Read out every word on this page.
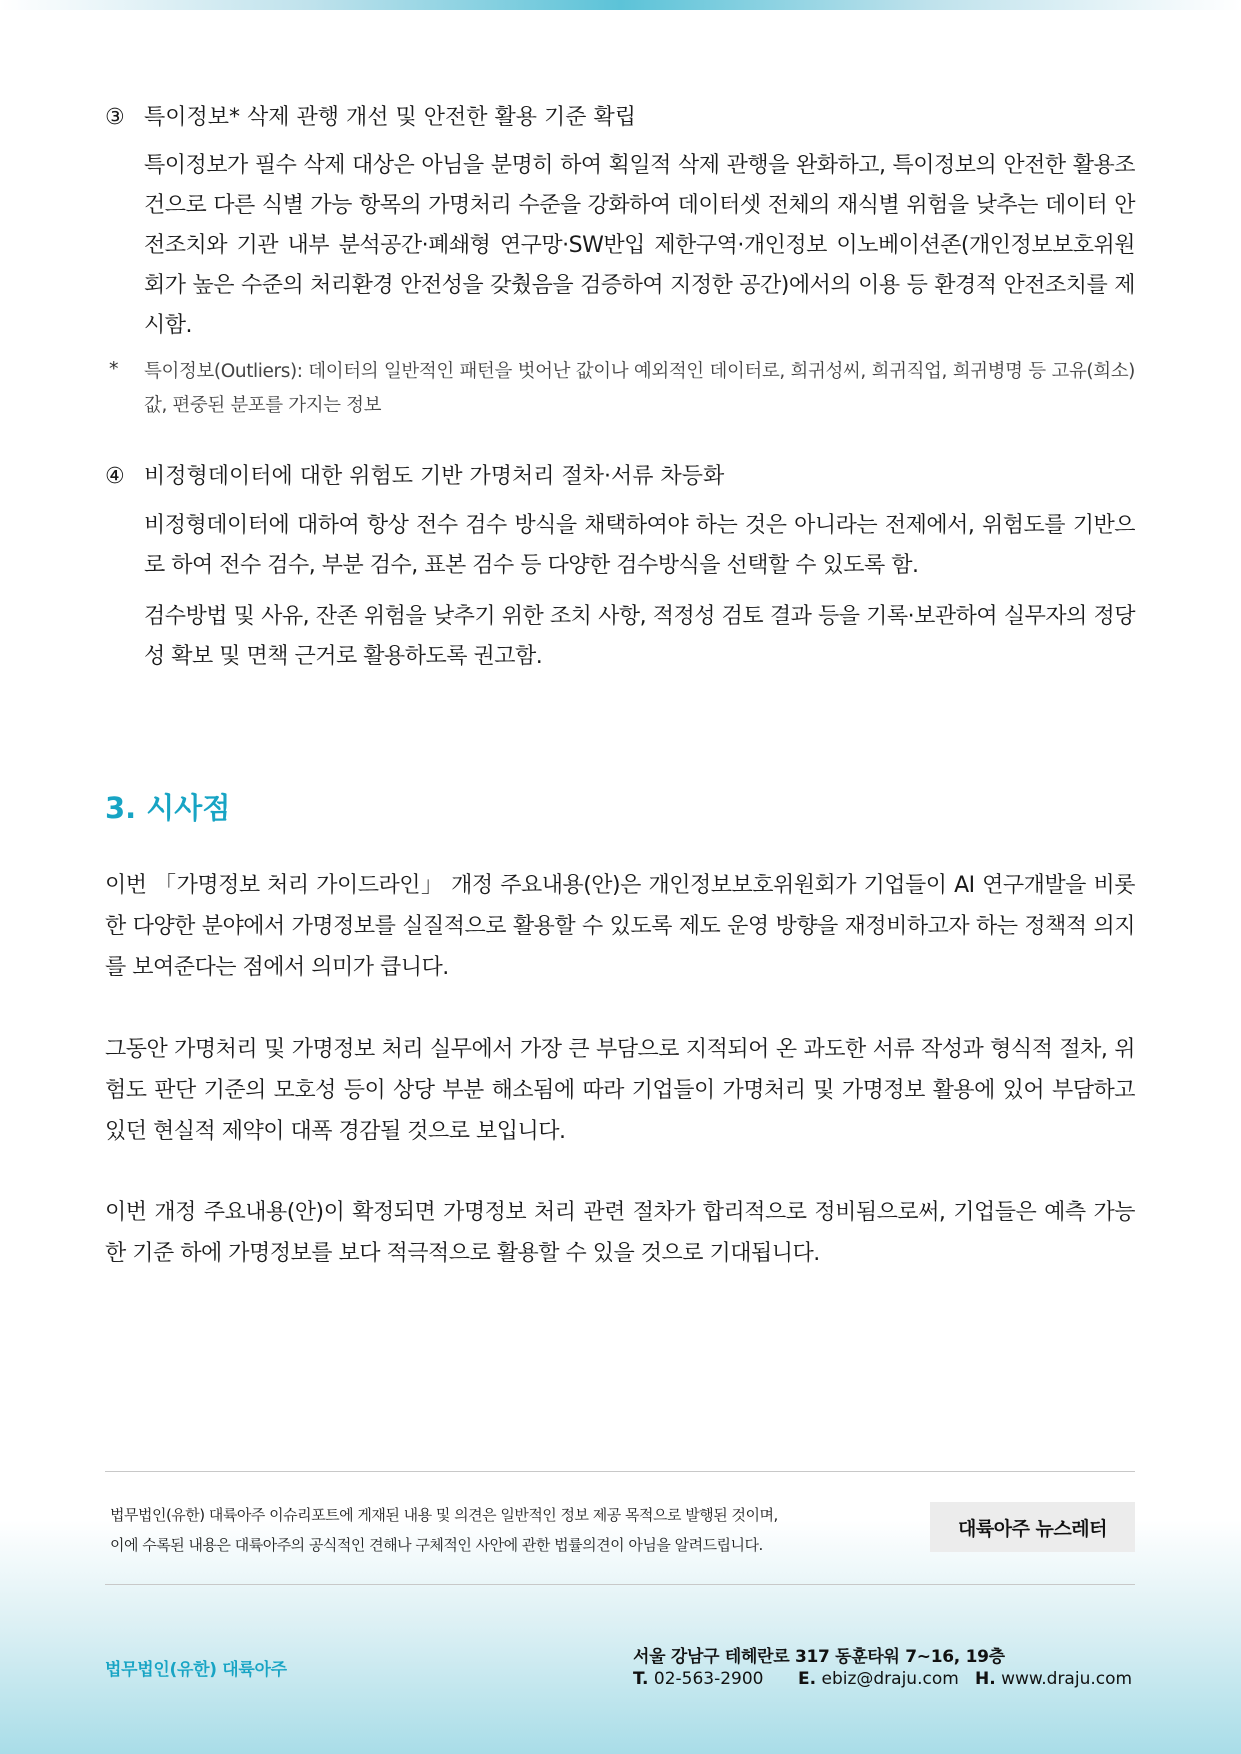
③ 특이정보* 삭제 관행 개선 및 안전한 활용 기준 확립

특이정보가 필수 삭제 대상은 아님을 분명히 하여 획일적 삭제 관행을 완화하고, 특이정보의 안전한 활용조건으로 다른 식별 가능 항목의 가명처리 수준을 강화하여 데이터셋 전체의 재식별 위험을 낮추는 데이터 안전조치와 기관 내부 분석공간·폐쇄형 연구망·SW반입 제한구역·개인정보 이노베이션존(개인정보보호위원회가 높은 수준의 처리환경 안전성을 갖췄음을 검증하여 지정한 공간)에서의 이용 등 환경적 안전조치를 제시함.

* 특이정보(Outliers): 데이터의 일반적인 패턴을 벗어난 값이나 예외적인 데이터로, 희귀성씨, 희귀직업, 희귀병명 등 고유(희소)값, 편중된 분포를 가지는 정보

④ 비정형데이터에 대한 위험도 기반 가명처리 절차·서류 차등화

비정형데이터에 대하여 항상 전수 검수 방식을 채택하여야 하는 것은 아니라는 전제에서, 위험도를 기반으로 하여 전수 검수, 부분 검수, 표본 검수 등 다양한 검수방식을 선택할 수 있도록 함.

검수방법 및 사유, 잔존 위험을 낮추기 위한 조치 사항, 적정성 검토 결과 등을 기록·보관하여 실무자의 정당성 확보 및 면책 근거로 활용하도록 권고함.

3. 시사점

이번 「가명정보 처리 가이드라인」 개정 주요내용(안)은 개인정보보호위원회가 기업들이 AI 연구개발을 비롯한 다양한 분야에서 가명정보를 실질적으로 활용할 수 있도록 제도 운영 방향을 재정비하고자 하는 정책적 의지를 보여준다는 점에서 의미가 큽니다.

그동안 가명처리 및 가명정보 처리 실무에서 가장 큰 부담으로 지적되어 온 과도한 서류 작성과 형식적 절차, 위험도 판단 기준의 모호성 등이 상당 부분 해소됨에 따라 기업들이 가명처리 및 가명정보 활용에 있어 부담하고 있던 현실적 제약이 대폭 경감될 것으로 보입니다.

이번 개정 주요내용(안)이 확정되면 가명정보 처리 관련 절차가 합리적으로 정비됨으로써, 기업들은 예측 가능한 기준 하에 가명정보를 보다 적극적으로 활용할 수 있을 것으로 기대됩니다.

법무법인(유한) 대륙아주 이슈리포트에 게재된 내용 및 의견은 일반적인 정보 제공 목적으로 발행된 것이며,
이에 수록된 내용은 대륙아주의 공식적인 견해나 구체적인 사안에 관한 법률의견이 아님을 알려드립니다.

대륙아주 뉴스레터
법무법인(유한) 대륙아주
서울 강남구 테헤란로 317 동훈타워 7~16, 19층
T. 02-563-2900 E. ebiz@draju.com H. www.draju.com
